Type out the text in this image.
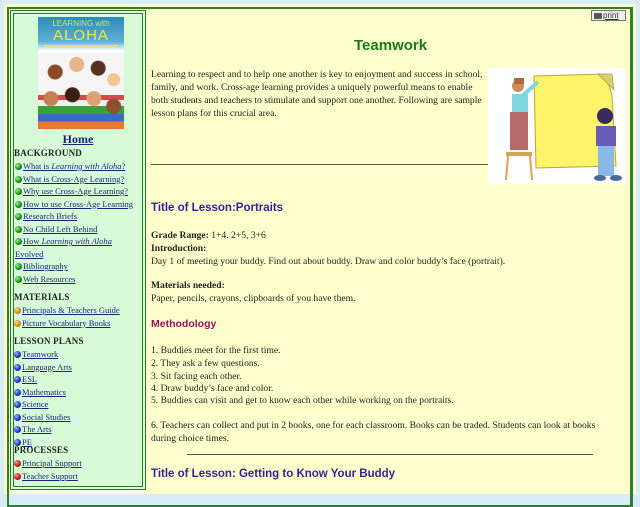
LEARNING with
ALOHA
Home
BACKGROUND
What is Learning with Aloha?
What is Cross-Age Learning?
Why use Cross-Age Learning?
How to use Cross-Age Learning
Research Briefs
No Child Left Behind
How Learning with Aloha
Evolved
Bibliography
Web Resources
MATERIALS
Principals & Teachers Guide
Picture Vocabulary Books
LESSON PLANS
Teamwork
Language Arts
ESL
Mathematics
Science
Social Studies
The Arts
PE
PROCESSES
Principal Support
Teacher Support
print
Teamwork
Learning to respect and to help one another is key to enjoyment and success in school, family, and work. Cross-age learning provides a uniquely powerful means to enable both students and teachers to stimulate and support one another. Following are sample lesson plans for this crucial area.
Title of Lesson:Portraits
Grade Range: 1+4. 2+5, 3+6
Introduction:
Day 1 of meeting your buddy. Find out about buddy. Draw and color buddy’s face (portrait).
Materials needed:
Paper, pencils, crayons, clipboards of you have them.
Methodology
1. Buddies meet for the first time.
2. They ask a few questions.
3. Sit facing each other.
4. Draw buddy’s face and color.
5. Buddies can visit and get to know each other while working on the portraits.
6. Teachers can collect and put in 2 books, one for each classroom. Books can be traded. Students can look at books during choice times.
Title of Lesson: Getting to Know Your Buddy
